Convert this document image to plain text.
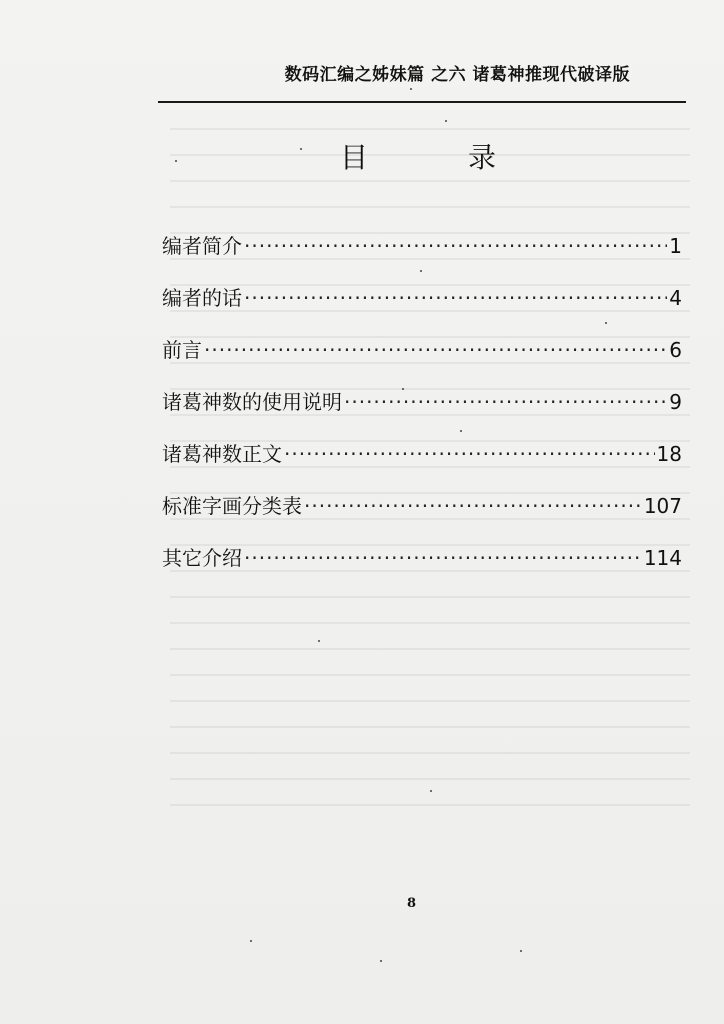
数码汇编之姊妹篇 之六 诸葛神推现代破译版
目录
编者简介 ·····	1
编者的话 ·····	4
前言 ·····	6
诸葛神数的使用说明 ·····	9
诸葛神数正文 ·····	18
标准字画分类表 ·····	107
其它介绍 ·····	114
8
